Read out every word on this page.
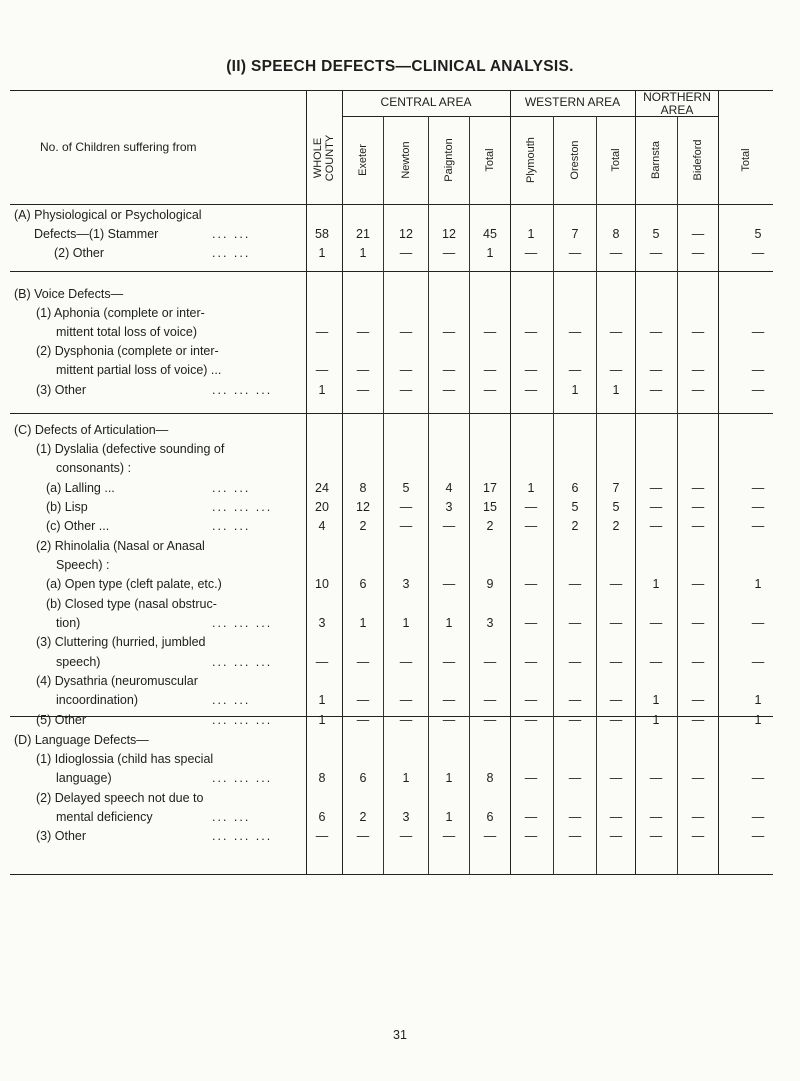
(II) SPEECH DEFECTS—CLINICAL ANALYSIS.
No. of Children suffering from
CENTRAL AREA	WESTERN AREA	NORTHERN AREA
WHOLE COUNTY Exeter	Newton	Paignton	Total	Plymouth	Oreston	Total	Barnsta	Bideford	Total
(A) Physiological or Psychological
Defects—(1) Stammer	... ...	58	21	12	12	45	1	7	8	5	—	5
(2) Other	... ...	1	1	—	—	1	—	—	—	—	—	—
(B) Voice Defects—
(1) Aphonia (complete or inter-
mittent total loss of voice)	—	—	—	—	—	—	—	—	—	—	—
(2) Dysphonia (complete or inter-
mittent partial loss of voice) ...	—	—	—	—	—	—	—	—	—	—	—
(3) Other	... ... ...	1	—	—	—	—	—	1	1	—	—	—
(C) Defects of Articulation—
(1) Dyslalia (defective sounding of
consonants) :
(a) Lalling ...	... ...	24	8	5	4	17	1	6	7	—	—	—
(b) Lisp	... ... ...	20	12	—	3	15	—	5	5	—	—	—
(c) Other ...	... ...	4	2	—	—	2	—	2	2	—	—	—
(2) Rhinolalia (Nasal or Anasal
Speech) :
(a) Open type (cleft palate, etc.)	10	6	3	—	9	—	—	—	1	—	1
(b) Closed type (nasal obstruc-
tion)	... ... ...	3	1	1	1	3	—	—	—	—	—	—
(3) Cluttering (hurried, jumbled
speech)	... ... ...	—	—	—	—	—	—	—	—	—	—	—
(4) Dysathria (neuromuscular
incoordination)	... ...	1	—	—	—	—	—	—	—	1	—	1
(5) Other	... ... ...	1	—	—	—	—	—	—	—	1	—	1
(D) Language Defects—
(1) Idioglossia (child has special
language)	... ... ...	8	6	1	1	8	—	—	—	—	—	—
(2) Delayed speech not due to
mental deficiency	... ...	6	2	3	1	6	—	—	—	—	—	—
(3) Other	... ... ...	—	—	—	—	—	—	—	—	—	—	—
31
